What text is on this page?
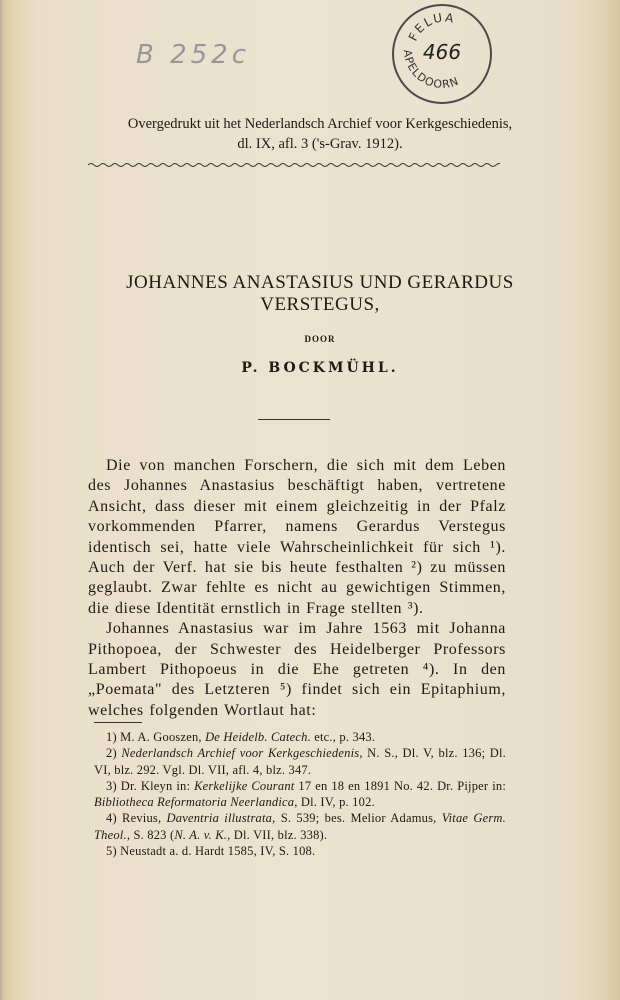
B 252c
FELUA
APELDOORN
466
Overgedrukt uit het Nederlandsch Archief voor Kerkgeschiedenis,
dl. IX, afl. 3 ('s-Grav. 1912).
JOHANNES ANASTASIUS UND GERARDUS
VERSTEGUS,
DOOR
P. BOCKMÜHL.

Die von manchen Forschern, die sich mit dem Leben des Johannes Anastasius beschäftigt haben, vertretene Ansicht, dass dieser mit einem gleichzeitig in der Pfalz vorkommenden Pfarrer, namens Gerardus Verstegus identisch sei, hatte viele Wahrscheinlichkeit für sich ¹). Auch der Verf. hat sie bis heute festhalten ²) zu müssen geglaubt. Zwar fehlte es nicht au gewichtigen Stimmen, die diese Identität ernstlich in Frage stellten ³).

Johannes Anastasius war im Jahre 1563 mit Johanna Pithopoea, der Schwester des Heidelberger Professors Lambert Pithopoeus in die Ehe getreten ⁴). In den „Poemata" des Letzteren ⁵) findet sich ein Epitaphium, welches folgenden Wortlaut hat:

1) M. A. Gooszen, De Heidelb. Catech. etc., p. 343.

2) Nederlandsch Archief voor Kerkgeschiedenis, N. S., Dl. V, blz. 136; Dl. VI, blz. 292. Vgl. Dl. VII, afl. 4, blz. 347.

3) Dr. Kleyn in: Kerkelijke Courant 17 en 18 en 1891 No. 42. Dr. Pijper in: Bibliotheca Reformatoria Neerlandica, Dl. IV, p. 102.

4) Revius, Daventria illustrata, S. 539; bes. Melior Adamus, Vitae Germ. Theol., S. 823 (N. A. v. K., Dl. VII, blz. 338).

5) Neustadt a. d. Hardt 1585, IV, S. 108.
